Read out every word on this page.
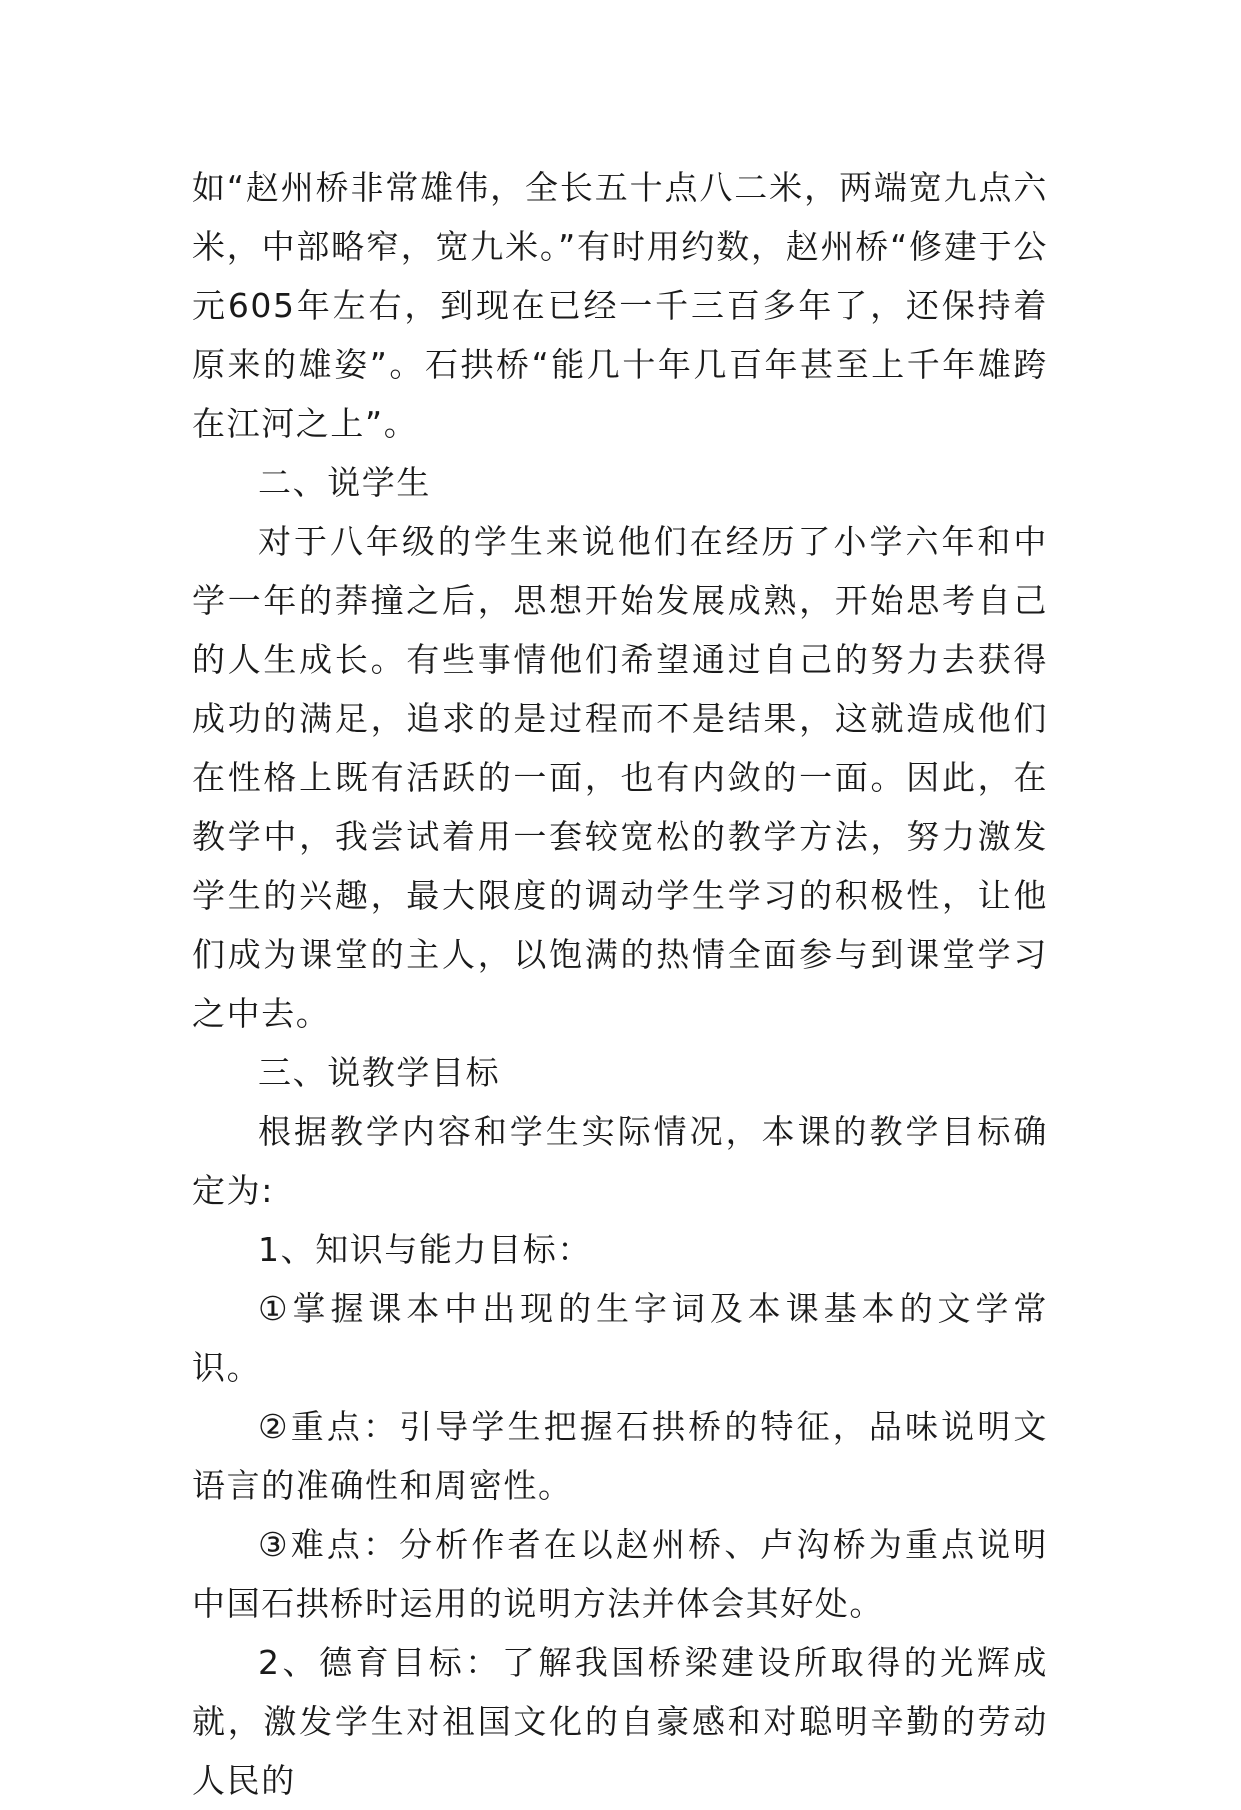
如“赵州桥非常雄伟，全长五十点八二米，两端宽九点六米，中部略窄，宽九米。”有时用约数，赵州桥“修建于公元605年左右，到现在已经一千三百多年了，还保持着原来的雄姿”。石拱桥“能几十年几百年甚至上千年雄跨在江河之上”。

二、说学生

对于八年级的学生来说他们在经历了小学六年和中学一年的莽撞之后，思想开始发展成熟，开始思考自己的人生成长。有些事情他们希望通过自己的努力去获得成功的满足，追求的是过程而不是结果，这就造成他们在性格上既有活跃的一面，也有内敛的一面。因此，在教学中，我尝试着用一套较宽松的教学方法，努力激发学生的兴趣，最大限度的调动学生学习的积极性，让他们成为课堂的主人，以饱满的热情全面参与到课堂学习之中去。

三、说教学目标

根据教学内容和学生实际情况，本课的教学目标确定为:

1、知识与能力目标：

①掌握课本中出现的生字词及本课基本的文学常识。

②重点：引导学生把握石拱桥的特征，品味说明文语言的准确性和周密性。

③难点：分析作者在以赵州桥、卢沟桥为重点说明中国石拱桥时运用的说明方法并体会其好处。

2、德育目标：了解我国桥梁建设所取得的光辉成就，激发学生对祖国文化的自豪感和对聪明辛勤的劳动人民的
